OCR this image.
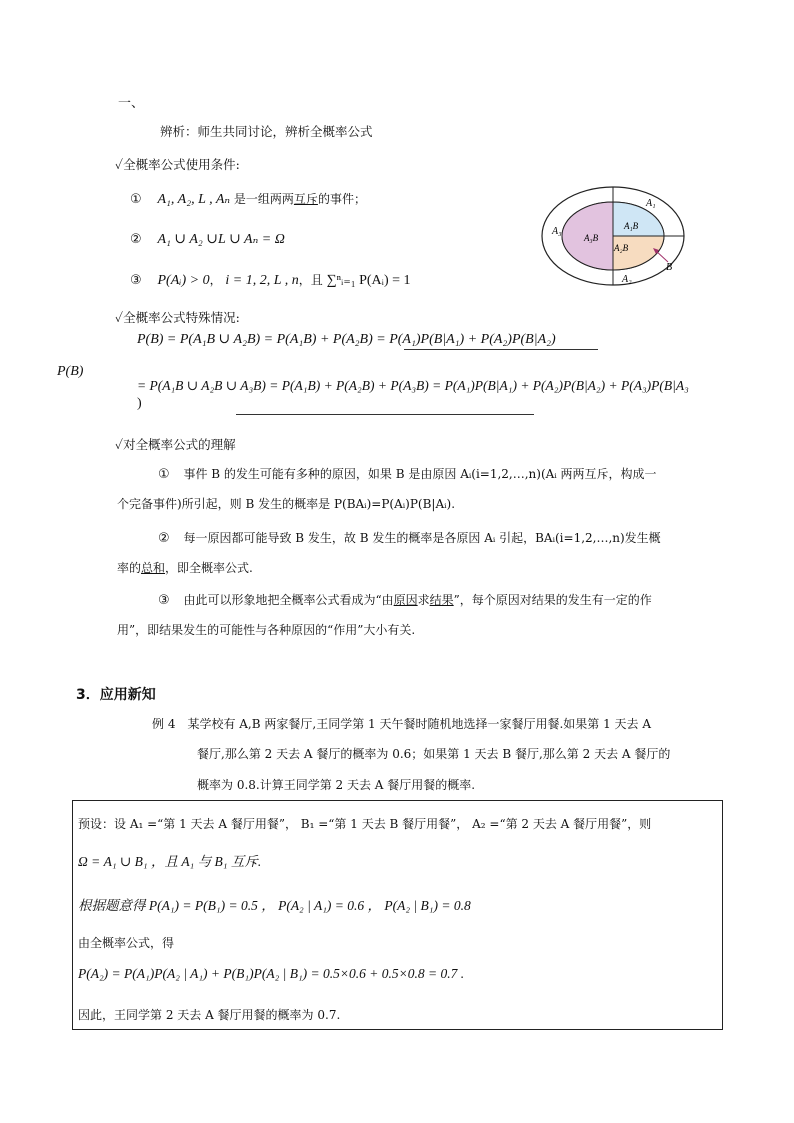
一、
辨析：师生共同讨论，辨析全概率公式
✓全概率公式使用条件:
① A₁, A₂, L , Aₙ 是一组两两互斥的事件；
② A₁ ∪ A₂ ∪L ∪ Aₙ = Ω
③ P(Aᵢ) > 0， i = 1, 2, L , n，且 ∑ⁿᵢ₌₁ P(Aᵢ) = 1
A₁
A₂
A₃	A₁B
A₂B
A₃B
B
✓全概率公式特殊情况:
P(B) = P(A₁B ∪ A₂B) = P(A₁B) + P(A₂B) = P(A₁)P(B|A₁) + P(A₂)P(B|A₂)
P(B)
= P(A₁B ∪ A₂B ∪ A₃B) = P(A₁B) + P(A₂B) + P(A₃B) = P(A₁)P(B|A₁) + P(A₂)P(B|A₂) + P(A₃)P(B|A₃
)
✓对全概率公式的理解
① 事件 B 的发生可能有多种的原因，如果 B 是由原因 Aᵢ(i=1,2,…,n)(Aᵢ 两两互斥，构成一
个完备事件)所引起，则 B 发生的概率是 P(BAᵢ)=P(Aᵢ)P(B|Aᵢ).
② 每一原因都可能导致 B 发生，故 B 发生的概率是各原因 Aᵢ 引起，BAᵢ(i=1,2,…,n)发生概
率的总和，即全概率公式.
③ 由此可以形象地把全概率公式看成为“由原因求结果”，每个原因对结果的发生有一定的作
用”，即结果发生的可能性与各种原因的“作用”大小有关.
3．应用新知
例 4　某学校有 A,B 两家餐厅,王同学第 1 天午餐时随机地选择一家餐厅用餐.如果第 1 天去 A
餐厅,那么第 2 天去 A 餐厅的概率为 0.6；如果第 1 天去 B 餐厅,那么第 2 天去 A 餐厅的
概率为 0.8.计算王同学第 2 天去 A 餐厅用餐的概率.
预设：设 A₁ =“第 1 天去 A 餐厅用餐”， B₁ =“第 1 天去 B 餐厅用餐”， A₂ =“第 2 天去 A 餐厅用餐”，则
Ω = A₁ ∪ B₁ ，且 A₁ 与 B₁ 互斥.
根据题意得 P(A₁) = P(B₁) = 0.5 ， P(A₂ | A₁) = 0.6 ， P(A₂ | B₁) = 0.8
由全概率公式，得
P(A₂) = P(A₁)P(A₂ | A₁) + P(B₁)P(A₂ | B₁) = 0.5×0.6 + 0.5×0.8 = 0.7 .
因此，王同学第 2 天去 A 餐厅用餐的概率为 0.7.
